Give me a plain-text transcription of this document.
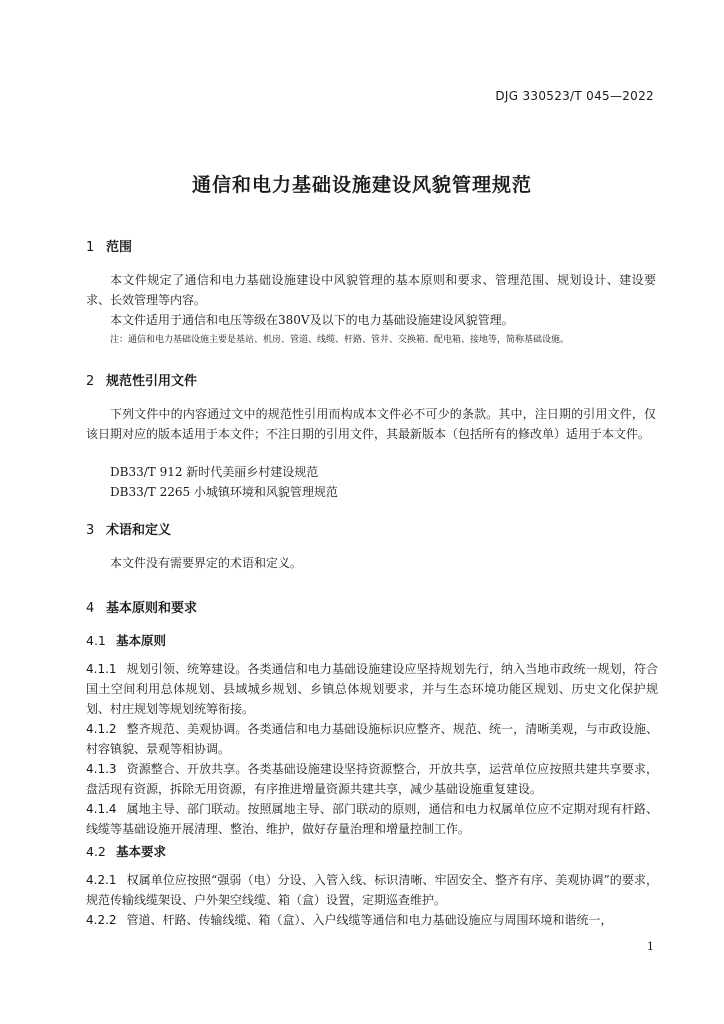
DJG 330523/T 045—2022
通信和电力基础设施建设风貌管理规范
1 范围
本文件规定了通信和电力基础设施建设中风貌管理的基本原则和要求、管理范围、规划设计、建设要求、长效管理等内容。
本文件适用于通信和电压等级在380V及以下的电力基础设施建设风貌管理。
注：通信和电力基础设施主要是基站、机房、管道、线缆、杆路、管井、交换箱、配电箱、接地等，简称基础设施。
2 规范性引用文件
下列文件中的内容通过文中的规范性引用而构成本文件必不可少的条款。其中，注日期的引用文件，仅该日期对应的版本适用于本文件；不注日期的引用文件，其最新版本（包括所有的修改单）适用于本文件。
DB33/T 912 新时代美丽乡村建设规范
DB33/T 2265 小城镇环境和风貌管理规范
3 术语和定义
本文件没有需要界定的术语和定义。
4 基本原则和要求
4.1 基本原则
4.1.1 规划引领、统筹建设。各类通信和电力基础设施建设应坚持规划先行，纳入当地市政统一规划，符合国土空间利用总体规划、县域城乡规划、乡镇总体规划要求，并与生态环境功能区规划、历史文化保护规划、村庄规划等规划统筹衔接。
4.1.2 整齐规范、美观协调。各类通信和电力基础设施标识应整齐、规范、统一，清晰美观，与市政设施、村容镇貌、景观等相协调。
4.1.3 资源整合、开放共享。各类基础设施建设坚持资源整合，开放共享，运营单位应按照共建共享要求，盘活现有资源，拆除无用资源，有序推进增量资源共建共享，减少基础设施重复建设。
4.1.4 属地主导、部门联动。按照属地主导、部门联动的原则，通信和电力权属单位应不定期对现有杆路、线缆等基础设施开展清理、整治、维护，做好存量治理和增量控制工作。
4.2 基本要求
4.2.1 权属单位应按照“强弱（电）分设、入管入线、标识清晰、牢固安全、整齐有序、美观协调”的要求，规范传输线缆架设、户外架空线缆、箱（盒）设置，定期巡查维护。
4.2.2 管道、杆路、传输线缆、箱（盒）、入户线缆等通信和电力基础设施应与周围环境和谐统一，
1
